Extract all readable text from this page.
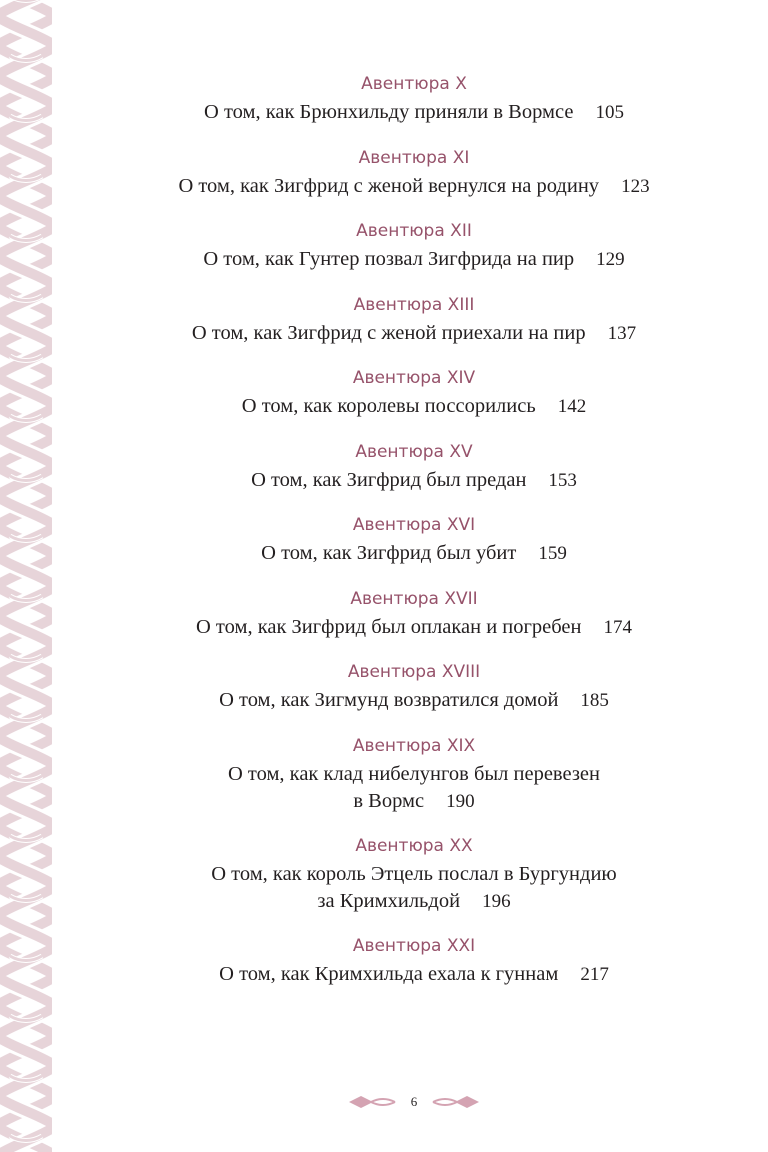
Авентюра X
О том, как Брюнхильду приняли в Вормсе 105
Авентюра XI
О том, как Зигфрид с женой вернулся на родину 123
Авентюра XII
О том, как Гунтер позвал Зигфрида на пир 129
Авентюра XIII
О том, как Зигфрид с женой приехали на пир 137
Авентюра XIV
О том, как королевы поссорились 142
Авентюра XV
О том, как Зигфрид был предан 153
Авентюра XVI
О том, как Зигфрид был убит 159
Авентюра XVII
О том, как Зигфрид был оплакан и погребен 174
Авентюра XVIII
О том, как Зигмунд возвратился домой 185
Авентюра XIX
О том, как клад нибелунгов был перевезен
в Вормс 190
Авентюра XX
О том, как король Этцель послал в Бургундию
за Кримхильдой 196
Авентюра XXI
О том, как Кримхильда ехала к гуннам 217
6
